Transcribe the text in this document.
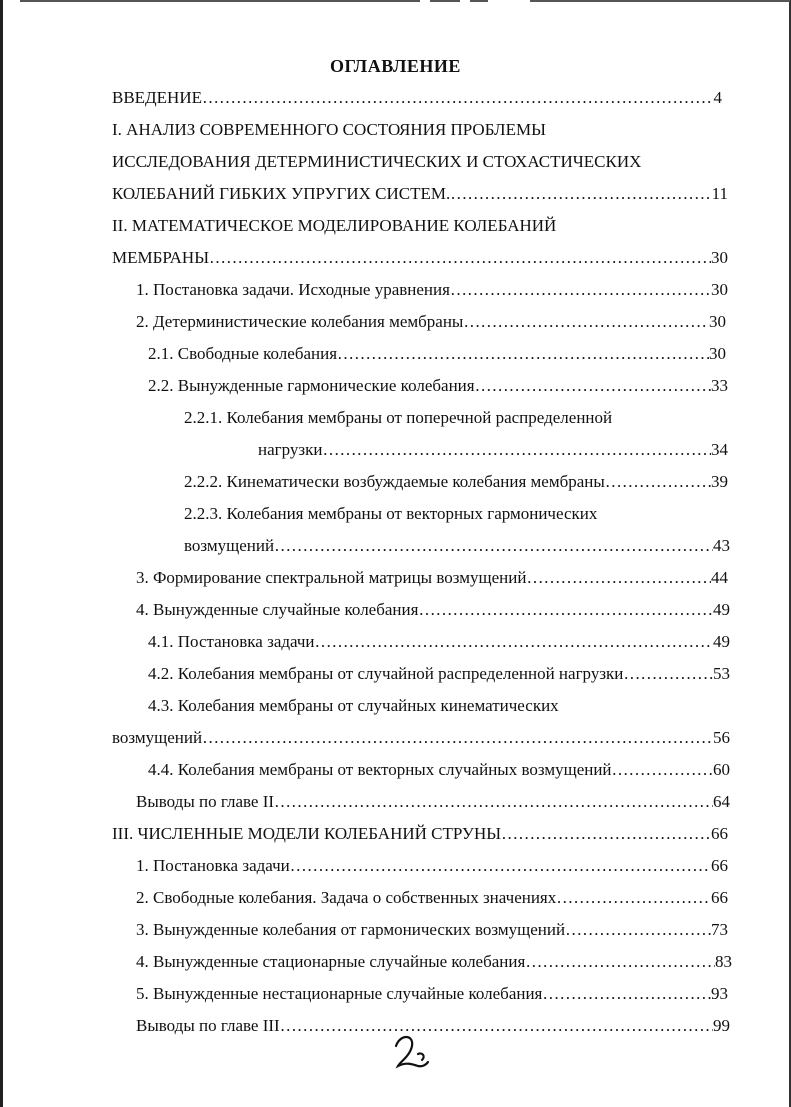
ОГЛАВЛЕНИЕ
ВВЕДЕНИЕ ……………………………………………………………………………………………………………………………………………………………………	4
I. АНАЛИЗ СОВРЕМЕННОГО СОСТОЯНИЯ ПРОБЛЕМЫ
ИССЛЕДОВАНИЯ ДЕТЕРМИНИСТИЧЕСКИХ И СТОХАСТИЧЕСКИХ
КОЛЕБАНИЙ ГИБКИХ УПРУГИХ СИСТЕМ. ……………………………………………………………………………………………………………………………………………………………………	11
II. МАТЕМАТИЧЕСКОЕ МОДЕЛИРОВАНИЕ КОЛЕБАНИЙ
МЕМБРАНЫ ……………………………………………………………………………………………………………………………………………………………………	30
1. Постановка задачи. Исходные уравнения ……………………………………………………………………………………………………………………………………………………………………	30
2. Детерминистические колебания мембраны ……………………………………………………………………………………………………………………………………………………………………	30
2.1. Свободные колебания ……………………………………………………………………………………………………………………………………………………………………	30
2.2. Вынужденные гармонические колебания ……………………………………………………………………………………………………………………………………………………………………	33
2.2.1. Колебания мембраны от поперечной распределенной
нагрузки ……………………………………………………………………………………………………………………………………………………………………	34
2.2.2. Кинематически возбуждаемые колебания мембраны ……………………………………………………………………………………………………………………………………………………………………	39
2.2.3. Колебания мембраны от векторных гармонических
возмущений ……………………………………………………………………………………………………………………………………………………………………	43
3. Формирование спектральной матрицы возмущений ……………………………………………………………………………………………………………………………………………………………………	44
4. Вынужденные случайные колебания ……………………………………………………………………………………………………………………………………………………………………	49
4.1. Постановка задачи ……………………………………………………………………………………………………………………………………………………………………	49
4.2. Колебания мембраны от случайной распределенной нагрузки ……………………………………………………………………………………………………………………………………………………………………	53
4.3. Колебания мембраны от случайных кинематических
возмущений ……………………………………………………………………………………………………………………………………………………………………	56
4.4. Колебания мембраны от векторных случайных возмущений ……………………………………………………………………………………………………………………………………………………………………	60
Выводы по главе II ……………………………………………………………………………………………………………………………………………………………………	64
III. ЧИСЛЕННЫЕ МОДЕЛИ КОЛЕБАНИЙ СТРУНЫ ……………………………………………………………………………………………………………………………………………………………………	66
1. Постановка задачи ……………………………………………………………………………………………………………………………………………………………………	66
2. Свободные колебания. Задача о собственных значениях ……………………………………………………………………………………………………………………………………………………………………	66
3. Вынужденные колебания от гармонических возмущений ……………………………………………………………………………………………………………………………………………………………………	73
4. Вынужденные стационарные случайные колебания ……………………………………………………………………………………………………………………………………………………………………	83
5. Вынужденные нестационарные случайные колебания ……………………………………………………………………………………………………………………………………………………………………	93
Выводы по главе III ……………………………………………………………………………………………………………………………………………………………………	99
